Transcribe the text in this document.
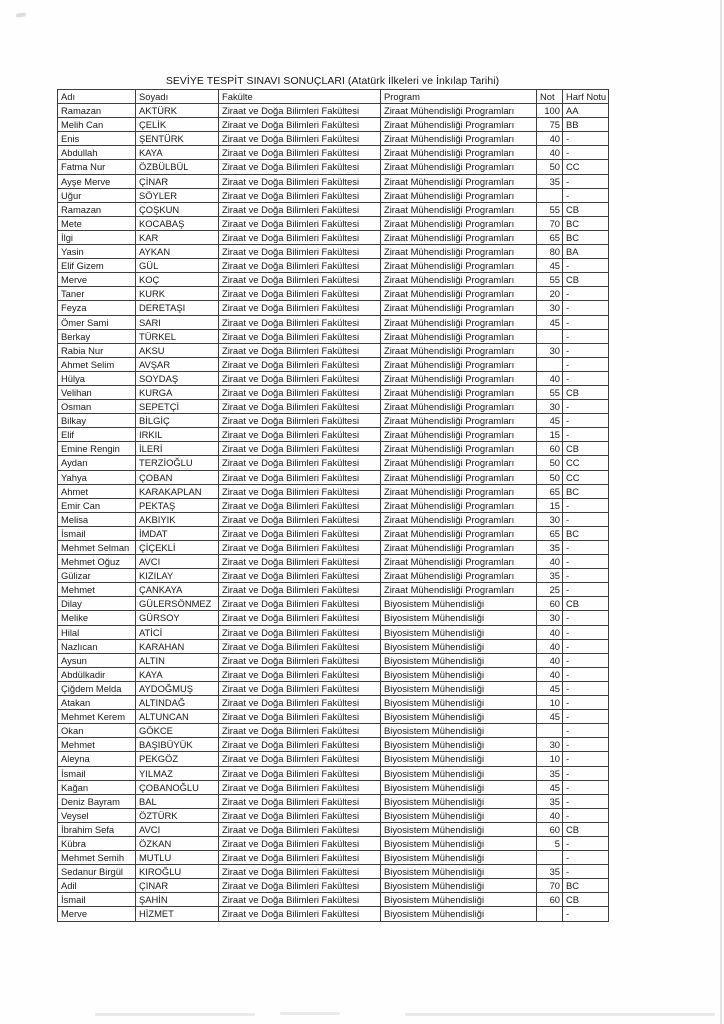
SEVİYE TESPİT SINAVI SONUÇLARI (Atatürk İlkeleri ve İnkılap Tarihi)
Adı	Soyadı	Fakülte	Program	Not	Harf Notu
Ramazan	AKTÜRK	Ziraat ve Doğa Bilimleri Fakültesi	Ziraat Mühendisliği Programları	100	AA
Melih Can	ÇELİK	Ziraat ve Doğa Bilimleri Fakültesi	Ziraat Mühendisliği Programları	75	BB
Enis	ŞENTÜRK	Ziraat ve Doğa Bilimleri Fakültesi	Ziraat Mühendisliği Programları	40	-
Abdullah	KAYA	Ziraat ve Doğa Bilimleri Fakültesi	Ziraat Mühendisliği Programları	40	-
Fatma Nur	ÖZBÜLBÜL	Ziraat ve Doğa Bilimleri Fakültesi	Ziraat Mühendisliği Programları	50	CC
Ayşe Merve	ÇİNAR	Ziraat ve Doğa Bilimleri Fakültesi	Ziraat Mühendisliği Programları	35	-
Uğur	SÖYLER	Ziraat ve Doğa Bilimleri Fakültesi	Ziraat Mühendisliği Programları		-
Ramazan	ÇOŞKUN	Ziraat ve Doğa Bilimleri Fakültesi	Ziraat Mühendisliği Programları	55	CB
Mete	KOCABAŞ	Ziraat ve Doğa Bilimleri Fakültesi	Ziraat Mühendisliği Programları	70	BC
İlgi	KAR	Ziraat ve Doğa Bilimleri Fakültesi	Ziraat Mühendisliği Programları	65	BC
Yasin	AYKAN	Ziraat ve Doğa Bilimleri Fakültesi	Ziraat Mühendisliği Programları	80	BA
Elif Gizem	GÜL	Ziraat ve Doğa Bilimleri Fakültesi	Ziraat Mühendisliği Programları	45	-
Merve	KOÇ	Ziraat ve Doğa Bilimleri Fakültesi	Ziraat Mühendisliği Programları	55	CB
Taner	KURK	Ziraat ve Doğa Bilimleri Fakültesi	Ziraat Mühendisliği Programları	20	-
Feyza	DERETAŞI	Ziraat ve Doğa Bilimleri Fakültesi	Ziraat Mühendisliği Programları	30	-
Ömer Sami	SARI	Ziraat ve Doğa Bilimleri Fakültesi	Ziraat Mühendisliği Programları	45	-
Berkay	TÜRKEL	Ziraat ve Doğa Bilimleri Fakültesi	Ziraat Mühendisliği Programları		-
Rabia Nur	AKSU	Ziraat ve Doğa Bilimleri Fakültesi	Ziraat Mühendisliği Programları	30	-
Ahmet Selim	AVŞAR	Ziraat ve Doğa Bilimleri Fakültesi	Ziraat Mühendisliği Programları		-
Hülya	SOYDAŞ	Ziraat ve Doğa Bilimleri Fakültesi	Ziraat Mühendisliği Programları	40	-
Velihan	KURGA	Ziraat ve Doğa Bilimleri Fakültesi	Ziraat Mühendisliği Programları	55	CB
Osman	SEPETÇİ	Ziraat ve Doğa Bilimleri Fakültesi	Ziraat Mühendisliği Programları	30	-
Bilkay	BİLGİÇ	Ziraat ve Doğa Bilimleri Fakültesi	Ziraat Mühendisliği Programları	45	-
Elif	IRKIL	Ziraat ve Doğa Bilimleri Fakültesi	Ziraat Mühendisliği Programları	15	-
Emine Rengin	İLERİ	Ziraat ve Doğa Bilimleri Fakültesi	Ziraat Mühendisliği Programları	60	CB
Aydan	TERZİOĞLU	Ziraat ve Doğa Bilimleri Fakültesi	Ziraat Mühendisliği Programları	50	CC
Yahya	ÇOBAN	Ziraat ve Doğa Bilimleri Fakültesi	Ziraat Mühendisliği Programları	50	CC
Ahmet	KARAKAPLAN	Ziraat ve Doğa Bilimleri Fakültesi	Ziraat Mühendisliği Programları	65	BC
Emir Can	PEKTAŞ	Ziraat ve Doğa Bilimleri Fakültesi	Ziraat Mühendisliği Programları	15	-
Melisa	AKBIYIK	Ziraat ve Doğa Bilimleri Fakültesi	Ziraat Mühendisliği Programları	30	-
İsmail	İMDAT	Ziraat ve Doğa Bilimleri Fakültesi	Ziraat Mühendisliği Programları	65	BC
Mehmet Selman	ÇİÇEKLİ	Ziraat ve Doğa Bilimleri Fakültesi	Ziraat Mühendisliği Programları	35	-
Mehmet Oğuz	AVCI	Ziraat ve Doğa Bilimleri Fakültesi	Ziraat Mühendisliği Programları	40	-
Gülizar	KIZILAY	Ziraat ve Doğa Bilimleri Fakültesi	Ziraat Mühendisliği Programları	35	-
Mehmet	ÇANKAYA	Ziraat ve Doğa Bilimleri Fakültesi	Ziraat Mühendisliği Programları	25	-
Dilay	GÜLERSÖNMEZ	Ziraat ve Doğa Bilimleri Fakültesi	Biyosistem Mühendisliği	60	CB
Melike	GÜRSOY	Ziraat ve Doğa Bilimleri Fakültesi	Biyosistem Mühendisliği	30	-
Hilal	ATİCİ	Ziraat ve Doğa Bilimleri Fakültesi	Biyosistem Mühendisliği	40	-
Nazlıcan	KARAHAN	Ziraat ve Doğa Bilimleri Fakültesi	Biyosistem Mühendisliği	40	-
Aysun	ALTIN	Ziraat ve Doğa Bilimleri Fakültesi	Biyosistem Mühendisliği	40	-
Abdülkadir	KAYA	Ziraat ve Doğa Bilimleri Fakültesi	Biyosistem Mühendisliği	40	-
Çiğdem Melda	AYDOĞMUŞ	Ziraat ve Doğa Bilimleri Fakültesi	Biyosistem Mühendisliği	45	-
Atakan	ALTINDAĞ	Ziraat ve Doğa Bilimleri Fakültesi	Biyosistem Mühendisliği	10	-
Mehmet Kerem	ALTUNCAN	Ziraat ve Doğa Bilimleri Fakültesi	Biyosistem Mühendisliği	45	-
Okan	GÖKCE	Ziraat ve Doğa Bilimleri Fakültesi	Biyosistem Mühendisliği		-
Mehmet	BAŞIBÜYÜK	Ziraat ve Doğa Bilimleri Fakültesi	Biyosistem Mühendisliği	30	-
Aleyna	PEKGÖZ	Ziraat ve Doğa Bilimleri Fakültesi	Biyosistem Mühendisliği	10	-
İsmail	YILMAZ	Ziraat ve Doğa Bilimleri Fakültesi	Biyosistem Mühendisliği	35	-
Kağan	ÇOBANOĞLU	Ziraat ve Doğa Bilimleri Fakültesi	Biyosistem Mühendisliği	45	-
Deniz Bayram	BAL	Ziraat ve Doğa Bilimleri Fakültesi	Biyosistem Mühendisliği	35	-
Veysel	ÖZTÜRK	Ziraat ve Doğa Bilimleri Fakültesi	Biyosistem Mühendisliği	40	-
İbrahim Sefa	AVCI	Ziraat ve Doğa Bilimleri Fakültesi	Biyosistem Mühendisliği	60	CB
Kübra	ÖZKAN	Ziraat ve Doğa Bilimleri Fakültesi	Biyosistem Mühendisliği	5	-
Mehmet Semih	MUTLU	Ziraat ve Doğa Bilimleri Fakültesi	Biyosistem Mühendisliği		-
Sedanur Birgül	KIROĞLU	Ziraat ve Doğa Bilimleri Fakültesi	Biyosistem Mühendisliği	35	-
Adil	ÇINAR	Ziraat ve Doğa Bilimleri Fakültesi	Biyosistem Mühendisliği	70	BC
İsmail	ŞAHİN	Ziraat ve Doğa Bilimleri Fakültesi	Biyosistem Mühendisliği	60	CB
Merve	HİZMET	Ziraat ve Doğa Bilimleri Fakültesi	Biyosistem Mühendisliği		-
